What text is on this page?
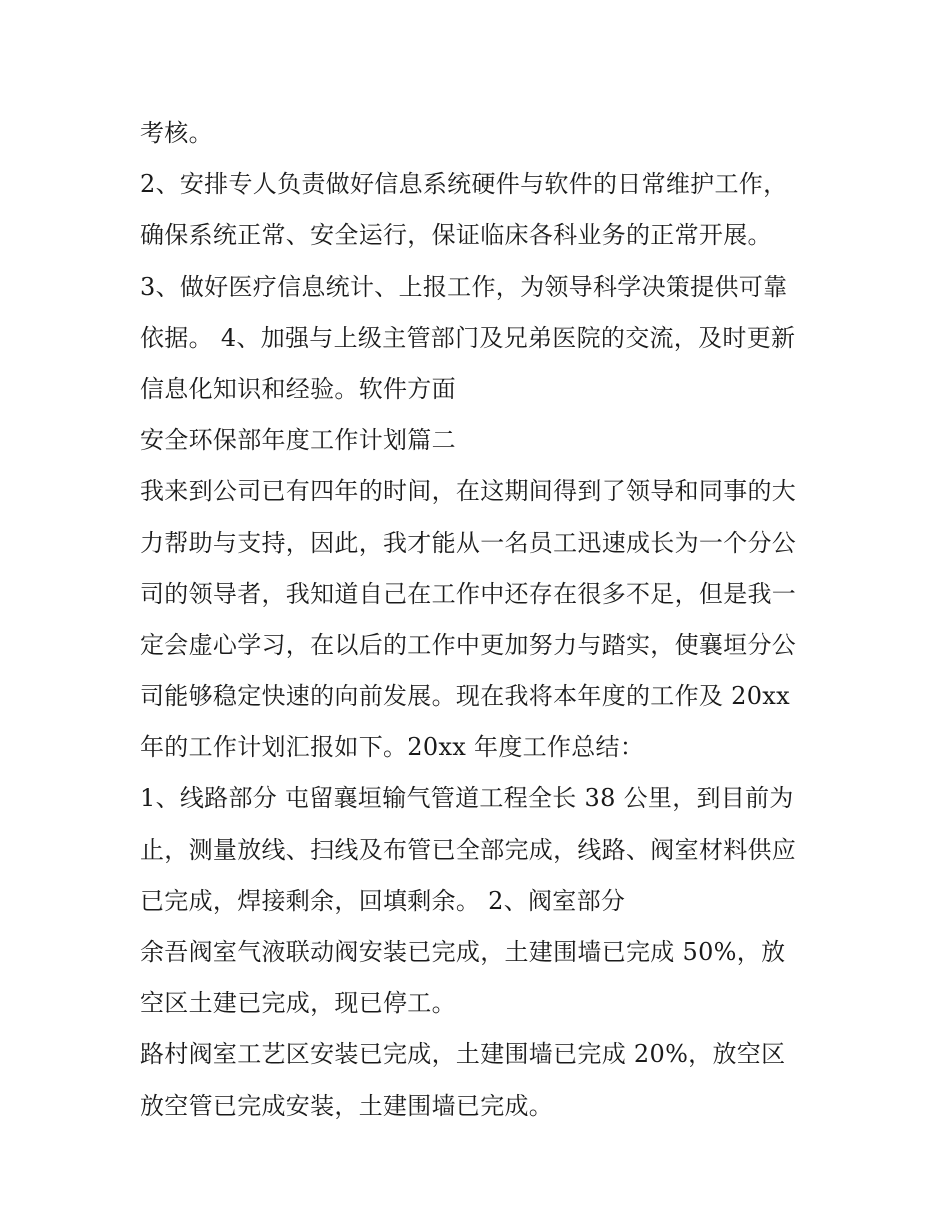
考核。
2、安排专人负责做好信息系统硬件与软件的日常维护工作，
确保系统正常、安全运行，保证临床各科业务的正常开展。
3、做好医疗信息统计、上报工作，为领导科学决策提供可靠
依据。 4、加强与上级主管部门及兄弟医院的交流，及时更新
信息化知识和经验。软件方面
安全环保部年度工作计划篇二
我来到公司已有四年的时间，在这期间得到了领导和同事的大
力帮助与支持，因此，我才能从一名员工迅速成长为一个分公
司的领导者，我知道自己在工作中还存在很多不足，但是我一
定会虚心学习，在以后的工作中更加努力与踏实，使襄垣分公
司能够稳定快速的向前发展。现在我将本年度的工作及 20xx
年的工作计划汇报如下。20xx 年度工作总结：
1、线路部分 屯留襄垣输气管道工程全长 38 公里，到目前为
止，测量放线、扫线及布管已全部完成，线路、阀室材料供应
已完成，焊接剩余，回填剩余。 2、阀室部分
余吾阀室气液联动阀安装已完成，土建围墙已完成 50%，放
空区土建已完成，现已停工。
路村阀室工艺区安装已完成，土建围墙已完成 20%，放空区
放空管已完成安装，土建围墙已完成。
